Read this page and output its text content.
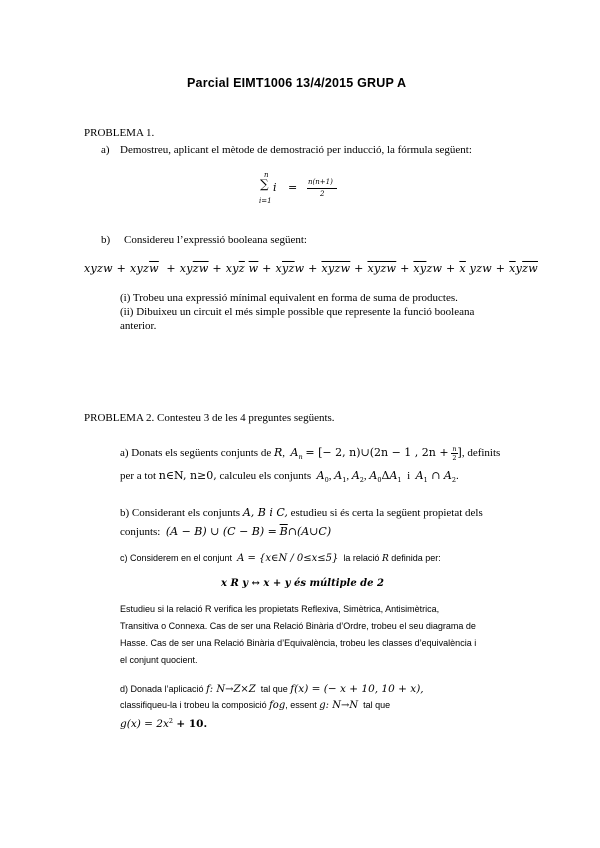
Parcial EIMT1006 13/4/2015 GRUP A
PROBLEMA 1.
a) Demostreu, aplicant el mètode de demostració per inducció, la fórmula següent:
n
∑
i=1
i = n(n+1)
2
b) Considereu l’expressió booleana següent:
xyzw + $xyz\overline{w} + xy\overline{zw} + xy\overline{z}$ $\overline{w} + x\overline{yz}w + \overline{xy}\overline{zw}$ + xyzw + $\overline{xy}zw + \overline{x}$ yzw + $\overline{x}y\overline{zw}$
(i) Trobeu una expressió mínimal equivalent en forma de suma de productes.
(ii) Dibuixeu un circuit el més simple possible que represente la funció booleana
anterior.
PROBLEMA 2. Contesteu 3 de les 4 preguntes següents.
a) Donats els següents conjunts de R,  $A_n$ = [− 2, n)∪(2n − 1 , $2n + \frac{n}{2}$ ], definits
per a tot n∈N, n≥0, calculeu els conjunts $A_0$, $A_1$, $A_2$, $A_0\Delta A_1$ i $A_1$ ∩ $A_2$.
b) Considerant els conjunts A, B i C, estudieu si és certa la següent propietat dels
conjunts: (A − B) ∪ $(C - B) = \overline{B}\cap(A\cup C)$
c) Considerem en el conjunt A = {x∈N / 0≤x≤5} la relació R definida per:
x R y ↔ x + y és múltiple de 2
Estudieu si la relació R verifica les propietats Reflexiva, Simètrica, Antisimètrica,
Transitiva o Connexa. Cas de ser una Relació Binària d’Ordre, trobeu el seu diagrama de
Hasse. Cas de ser una Relació Binària d’Equivalència, trobeu les classes d’equivalència i
el conjunt quocient.
d) Donada l’aplicació f: N→Z×Z tal que f(x) = (− x + 10, 10 + x),
classifiqueu-la i trobeu la composició fog, essent g: N→N tal que
$g(x) = 2x^2 + 10$.
